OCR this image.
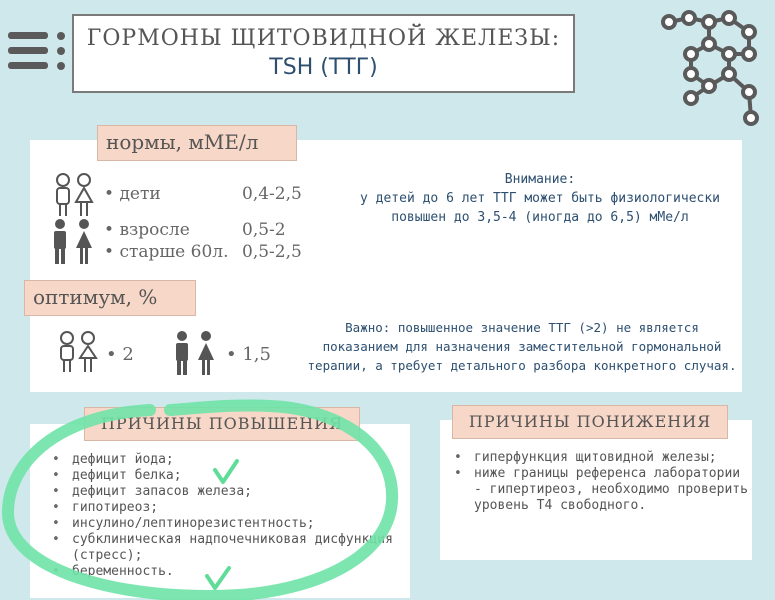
ГОРМОНЫ ЩИТОВИДНОЙ ЖЕЛЕЗЫ:
TSH (ТТГ)
нормы, мМЕ/л
• дети	0,4-2,5
• взросле	0,5-2
• старше 60л. 0,5-2,5
Внимание:
у детей до 6 лет ТТГ может быть физиологически повышен до 3,5-4 (иногда до 6,5) мМе/л
оптимум, %
• 2	• 1,5
Важно: повышенное значение ТТГ (>2) не является показанием для назначения заместительной гормональной терапии, а требует детального разбора конкретного случая.
ПРИЧИНЫ ПОВЫШЕНИЯ
• дефицит йода;
• дефицит белка;
• дефицит запасов железа;
• гипотиреоз;
• инсулино/лептинорезистентность;
• субклиническая надпочечниковая дисфункция (стресс);
• беременность.
ПРИЧИНЫ ПОНИЖЕНИЯ
• гиперфункция щитовидной железы;
• ниже границы референса лаборатории - гипертиреоз, необходимо проверить уровень Т4 свободного.
